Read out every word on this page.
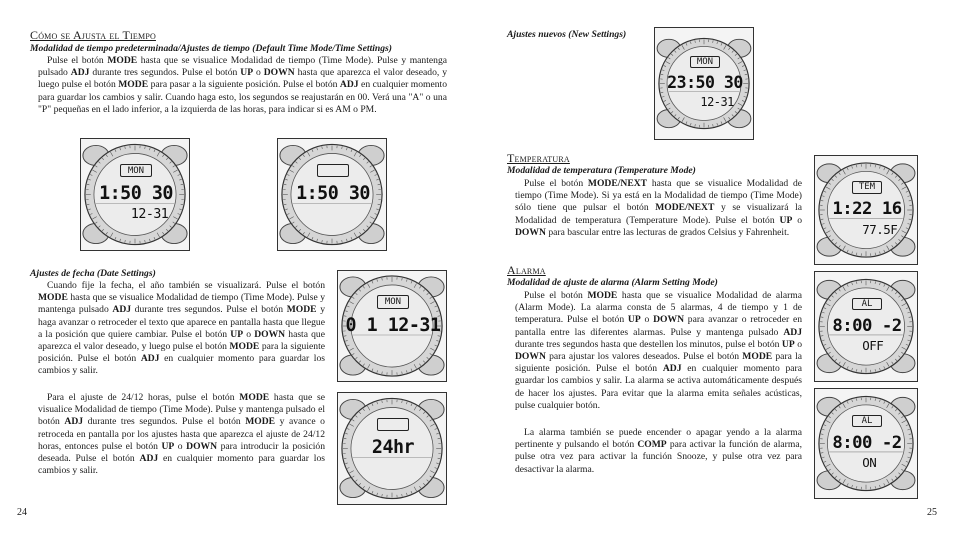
Cómo se Ajusta el Tiempo
Modalidad de tiempo predeterminada/Ajustes de tiempo (Default Time Mode/Time Settings)
Pulse el botón MODE hasta que se visualice Modalidad de tiempo (Time Mode). Pulse y mantenga pulsado ADJ durante tres segundos. Pulse el botón UP o DOWN hasta que aparezca el valor deseado, y luego pulse el botón MODE para pasar a la siguiente posición. Pulse el botón ADJ en cualquier momento para guardar los cambios y salir. Cuando haga esto, los segundos se reajustarán en 00. Verá una "A" o una "P" pequeñas en el lado inferior, a la izquierda de las horas, para indicar si es AM o PM.
Ajustes de fecha (Date Settings)
Cuando fije la fecha, el año también se visualizará. Pulse el botón MODE hasta que se visualice Modalidad de tiempo (Time Mode). Pulse y mantenga pulsado ADJ durante tres segundos. Pulse el botón MODE y haga avanzar o retroceder el texto que aparece en pantalla hasta que llegue a la posición que quiere cambiar. Pulse el botón UP o DOWN hasta que aparezca el valor deseado, y luego pulse el botón MODE para la siguiente posición. Pulse el botón ADJ en cualquier momento para guardar los cambios y salir.
Para el ajuste de 24/12 horas, pulse el botón MODE hasta que se visualice Modalidad de tiempo (Time Mode). Pulse y mantenga pulsado el botón ADJ durante tres segundos. Pulse el botón MODE y avance o retroceda en pantalla por los ajustes hasta que aparezca el ajuste de 24/12 horas, entonces pulse el botón UP o DOWN para introducir la posición deseada. Pulse el botón ADJ en cualquier momento para guardar los cambios y salir.
24
Ajustes nuevos (New Settings)
Temperatura
Modalidad de temperatura (Temperature Mode)
Pulse el botón MODE/NEXT hasta que se visualice Modalidad de tiempo (Time Mode). Si ya está en la Modalidad de tiempo (Time Mode) sólo tiene que pulsar el botón MODE/NEXT y se visualizará la Modalidad de temperatura (Temperature Mode). Pulse el botón UP o DOWN para bascular entre las lecturas de grados Celsius y Fahrenheit.
Alarma
Modalidad de ajuste de alarma (Alarm Setting Mode)
Pulse el botón MODE hasta que se visualice Modalidad de alarma (Alarm Mode). La alarma consta de 5 alarmas, 4 de tiempo y 1 de temperatura. Pulse el botón UP o DOWN para avanzar o retroceder en pantalla entre las diferentes alarmas. Pulse y mantenga pulsado ADJ durante tres segundos hasta que destellen los minutos, pulse el botón UP o DOWN para ajustar los valores deseados. Pulse el botón MODE para la siguiente posición. Pulse el botón ADJ en cualquier momento para guardar los cambios y salir. La alarma se activa automáticamente después de hacer los ajustes. Para evitar que la alarma emita señales acústicas, pulse cualquier botón.
La alarma también se puede encender o apagar yendo a la alarma pertinente y pulsando el botón COMP para activar la función de alarma, pulse otra vez para activar la función Snooze, y pulse otra vez para desactivar la alarma.
25
MON
1:50 30
12-31
1:50 30
MON
0 1 12-31
24hr
MON
23:50 30
12-31
TEM
1:22 16
77.5F
AL
8:00 -2
OFF
AL
8:00 -2
ON
